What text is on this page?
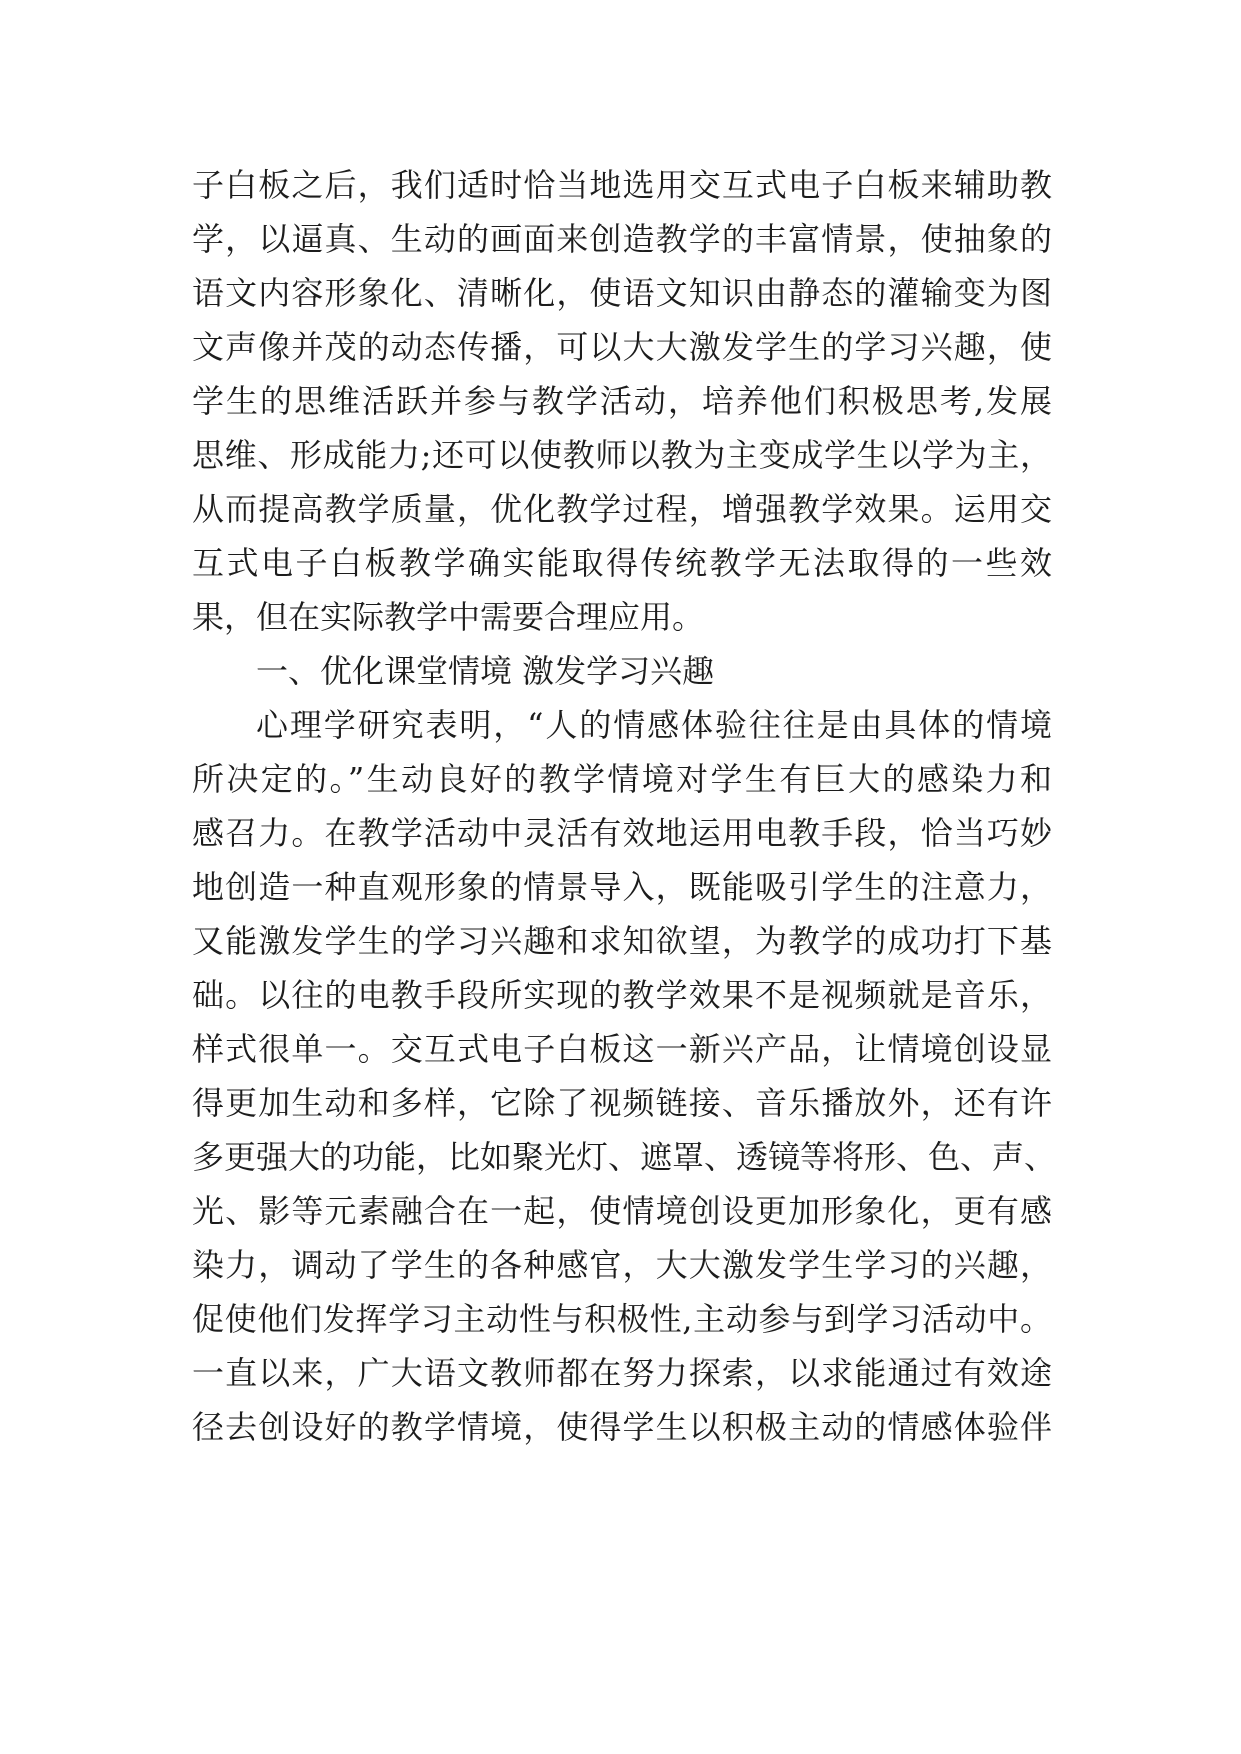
子白板之后，我们适时恰当地选用交互式电子白板来辅助教
学，以逼真、生动的画面来创造教学的丰富情景，使抽象的
语文内容形象化、清晰化，使语文知识由静态的灌输变为图
文声像并茂的动态传播，可以大大激发学生的学习兴趣，使
学生的思维活跃并参与教学活动，培养他们积极思考,发展
思维、形成能力;还可以使教师以教为主变成学生以学为主，
从而提高教学质量，优化教学过程，增强教学效果。运用交
互式电子白板教学确实能取得传统教学无法取得的一些效
果，但在实际教学中需要合理应用。
一、优化课堂情境 激发学习兴趣
心理学研究表明，“人的情感体验往往是由具体的情境
所决定的。”生动良好的教学情境对学生有巨大的感染力和
感召力。在教学活动中灵活有效地运用电教手段，恰当巧妙
地创造一种直观形象的情景导入，既能吸引学生的注意力，
又能激发学生的学习兴趣和求知欲望，为教学的成功打下基
础。以往的电教手段所实现的教学效果不是视频就是音乐，
样式很单一。交互式电子白板这一新兴产品，让情境创设显
得更加生动和多样，它除了视频链接、音乐播放外，还有许
多更强大的功能，比如聚光灯、遮罩、透镜等将形、色、声、
光、影等元素融合在一起，使情境创设更加形象化，更有感
染力，调动了学生的各种感官，大大激发学生学习的兴趣，
促使他们发挥学习主动性与积极性,主动参与到学习活动中。
一直以来，广大语文教师都在努力探索，以求能通过有效途
径去创设好的教学情境，使得学生以积极主动的情感体验伴
